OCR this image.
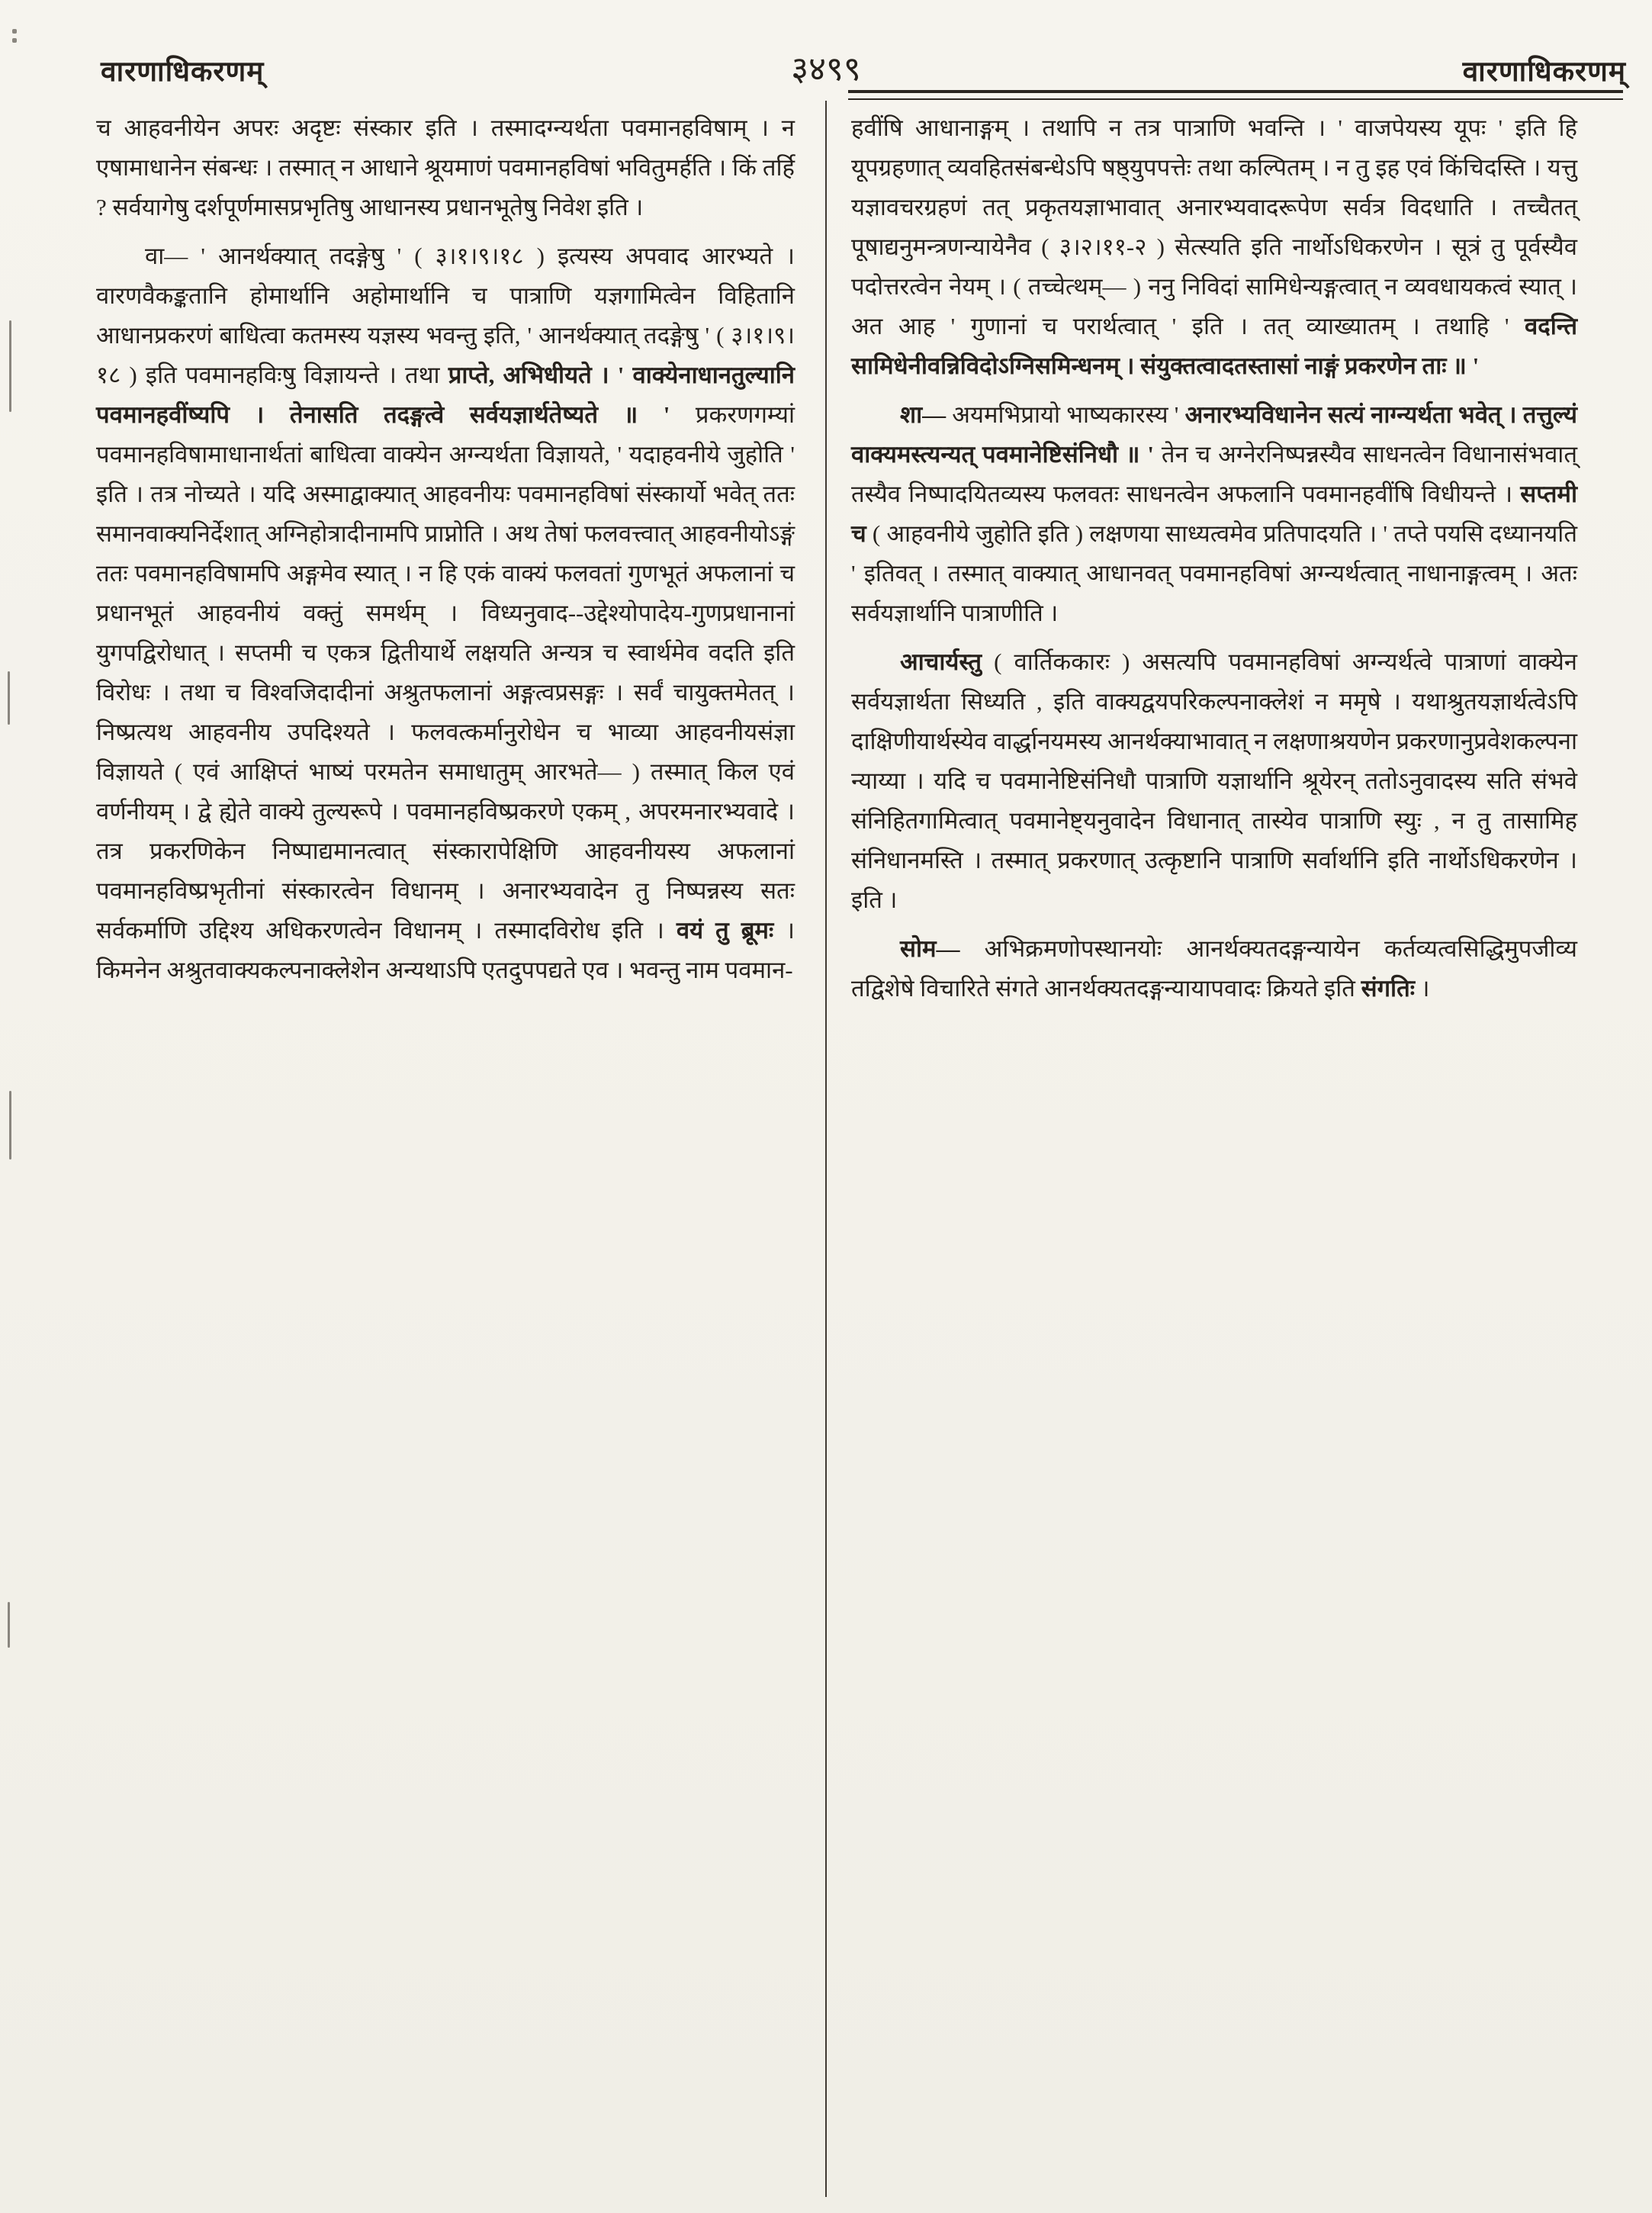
वारणाधिकरणम्	३४९९	वारणाधिकरणम्

च आहवनीयेन अपरः अदृष्टः संस्कार इति । तस्मादग्न्यर्थता पवमानहविषाम् । न एषामाधानेन संबन्धः । तस्मात् न आधाने श्रूयमाणं पवमानहविषां भवितुमर्हति । किं तर्हि ? सर्वयागेषु दर्शपूर्णमासप्रभृतिषु आधानस्य प्रधानभूतेषु निवेश इति ।

वा— ' आनर्थक्यात् तदङ्गेषु ' ( ३।१।९।१८ ) इत्यस्य अपवाद आरभ्यते । वारणवैकङ्कतानि होमार्थानि अहोमार्थानि च पात्राणि यज्ञगामित्वेन विहितानि आधानप्रकरणं बाधित्वा कतमस्य यज्ञस्य भवन्तु इति, ' आनर्थक्यात् तदङ्गेषु ' ( ३।१।९।१८ ) इति पवमानहविःषु विज्ञायन्ते । तथा प्राप्ते, अभिधीयते । ' वाक्येनाधानतुल्यानि पवमानहवींष्यपि । तेनासति तदङ्गत्वे सर्वयज्ञार्थतेष्यते ॥ ' प्रकरणगम्यां पवमानहविषामाधानार्थतां बाधित्वा वाक्येन अग्न्यर्थता विज्ञायते, ' यदाहवनीये जुहोति ' इति । तत्र नोच्यते । यदि अस्माद्वाक्यात् आहवनीयः पवमानहविषां संस्कार्यो भवेत् ततः समानवाक्यनिर्देशात् अग्निहोत्रादीनामपि प्राप्नोति । अथ तेषां फलवत्त्वात् आहवनीयोऽङ्गं ततः पवमानहविषामपि अङ्गमेव स्यात् । न हि एकं वाक्यं फलवतां गुणभूतं अफलानां च प्रधानभूतं आहवनीयं वक्तुं समर्थम् । विध्यनुवाद--उद्देश्योपादेय-गुणप्रधानानां युगपद्विरोधात् । सप्तमी च एकत्र द्वितीयार्थे लक्षयति अन्यत्र च स्वार्थमेव वदति इति विरोधः । तथा च विश्वजिदादीनां अश्रुतफलानां अङ्गत्वप्रसङ्गः । सर्वं चायुक्तमेतत् । निष्प्रत्यथ आहवनीय उपदिश्यते । फलवत्कर्मानुरोधेन च भाव्या आहवनीयसंज्ञा विज्ञायते ( एवं आक्षिप्तं भाष्यं परमतेन समाधातुम् आरभते— ) तस्मात् किल एवं वर्णनीयम् । द्वे ह्येते वाक्ये तुल्यरूपे । पवमानहविष्प्रकरणे एकम् , अपरमनारभ्यवादे । तत्र प्रकरणिकेन निष्पाद्यमानत्वात् संस्कारापेक्षिणि आहवनीयस्य अफलानां पवमानहविष्प्रभृतीनां संस्कारत्वेन विधानम् । अनारभ्यवादेन तु निष्पन्नस्य सतः सर्वकर्माणि उद्दिश्य अधिकरणत्वेन विधानम् । तस्मादविरोध इति । वयं तु ब्रूमः । किमनेन अश्रुतवाक्यकल्पनाक्लेशेन अन्यथाऽपि एतदुपपद्यते एव । भवन्तु नाम पवमान-

हवींषि आधानाङ्गम् । तथापि न तत्र पात्राणि भवन्ति । ' वाजपेयस्य यूपः ' इति हि यूपग्रहणात् व्यवहितसंबन्धेऽपि षष्ठ्युपपत्तेः तथा कल्पितम् । न तु इह एवं किंचिदस्ति । यत्तु यज्ञावचरग्रहणं तत् प्रकृतयज्ञाभावात् अनारभ्यवादरूपेण सर्वत्र विदधाति । तच्चैतत् पूषाद्यनुमन्त्रणन्यायेनैव ( ३।२।११-२ ) सेत्स्यति इति नार्थोऽधिकरणेन । सूत्रं तु पूर्वस्यैव पदोत्तरत्वेन नेयम् । ( तच्चेत्थम्— ) ननु निविदां सामिधेन्यङ्गत्वात् न व्यवधायकत्वं स्यात् । अत आह ' गुणानां च परार्थत्वात् ' इति । तत् व्याख्यातम् । तथाहि ' वदन्ति सामिधेनीवन्निविदोऽग्निसमिन्धनम् । संयुक्तत्वादतस्तासां नाङ्गं प्रकरणेन ताः ॥ '

शा— अयमभिप्रायो भाष्यकारस्य ' अनारभ्यविधानेन सत्यं नाग्न्यर्थता भवेत् । तत्तुल्यं वाक्यमस्त्यन्यत् पवमानेष्टिसंनिधौ ॥ ' तेन च अग्नेरनिष्पन्नस्यैव साधनत्वेन विधानासंभवात् तस्यैव निष्पादयितव्यस्य फलवतः साधनत्वेन अफलानि पवमानहवींषि विधीयन्ते । सप्तमी च ( आहवनीये जुहोति इति ) लक्षणया साध्यत्वमेव प्रतिपादयति । ' तप्ते पयसि दध्यानयति ' इतिवत् । तस्मात् वाक्यात् आधानवत् पवमानहविषां अग्न्यर्थत्वात् नाधानाङ्गत्वम् । अतः सर्वयज्ञार्थानि पात्राणीति ।

आचार्यस्तु ( वार्तिककारः ) असत्यपि पवमानहविषां अग्न्यर्थत्वे पात्राणां वाक्येन सर्वयज्ञार्थता सिध्यति , इति वाक्यद्वयपरिकल्पनाक्लेशं न ममृषे । यथाश्रुतयज्ञार्थत्वेऽपि दाक्षिणीयार्थस्येव वार्द्धानयमस्य आनर्थक्याभावात् न लक्षणाश्रयणेन प्रकरणानुप्रवेशकल्पना न्याय्या । यदि च पवमानेष्टिसंनिधौ पात्राणि यज्ञार्थानि श्रूयेरन् ततोऽनुवादस्य सति संभवे संनिहितगामित्वात् पवमानेष्ट्यनुवादेन विधानात् तास्येव पात्राणि स्युः , न तु तासामिह संनिधानमस्ति । तस्मात् प्रकरणात् उत्कृष्टानि पात्राणि सर्वार्थानि इति नार्थोऽधिकरणेन । इति ।

सोम— अभिक्रमणोपस्थानयोः आनर्थक्यतदङ्गन्यायेन कर्तव्यत्वसिद्धिमुपजीव्य तद्विशेषे विचारिते संगते आनर्थक्यतदङ्गन्यायापवादः क्रियते इति संगतिः ।
